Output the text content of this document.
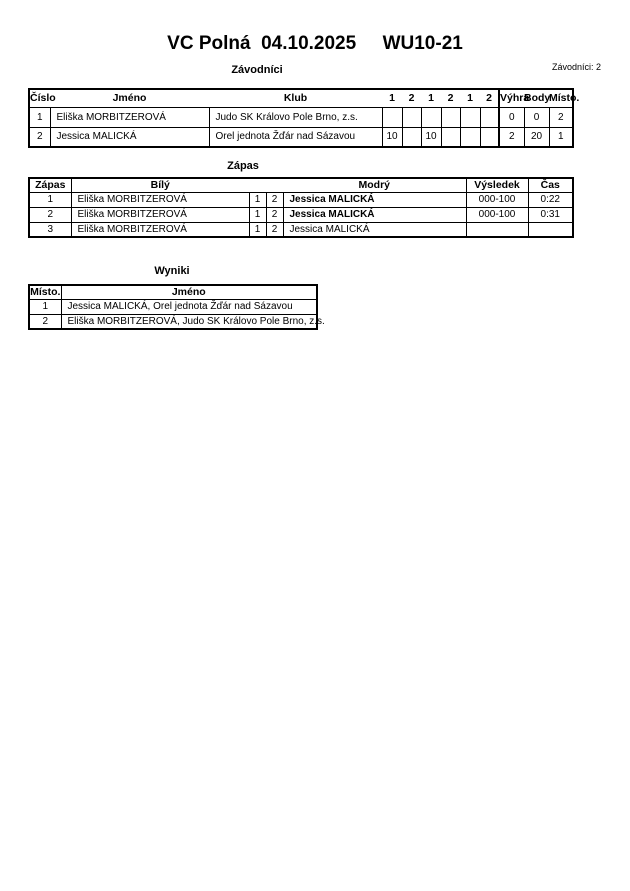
VC Polná  04.10.2025     WU10-21
Závodníci	Závodníci: 2
Číslo	Jméno	Klub	1	2	1	2	1	2	Výhra	Body	Místo.
1	Eliška MORBITZEROVÁ	Judo SK Královo Pole Brno, z.s.							0	0	2
2	Jessica MALICKÁ	Orel jednota Žďár nad Sázavou	10		10				2	20	1
Zápas
Zápas	Bílý			Modrý	Výsledek	Čas
1	Eliška MORBITZEROVÁ	1	2	Jessica MALICKÁ	000-100	0:22
2	Eliška MORBITZEROVÁ	1	2	Jessica MALICKÁ	000-100	0:31
3	Eliška MORBITZEROVÁ	1	2	Jessica MALICKÁ		
Wyniki
Místo.	Jméno
1	Jessica MALICKÁ, Orel jednota Žďár nad Sázavou
2	Eliška MORBITZEROVÁ, Judo SK Královo Pole Brno, z.s.
